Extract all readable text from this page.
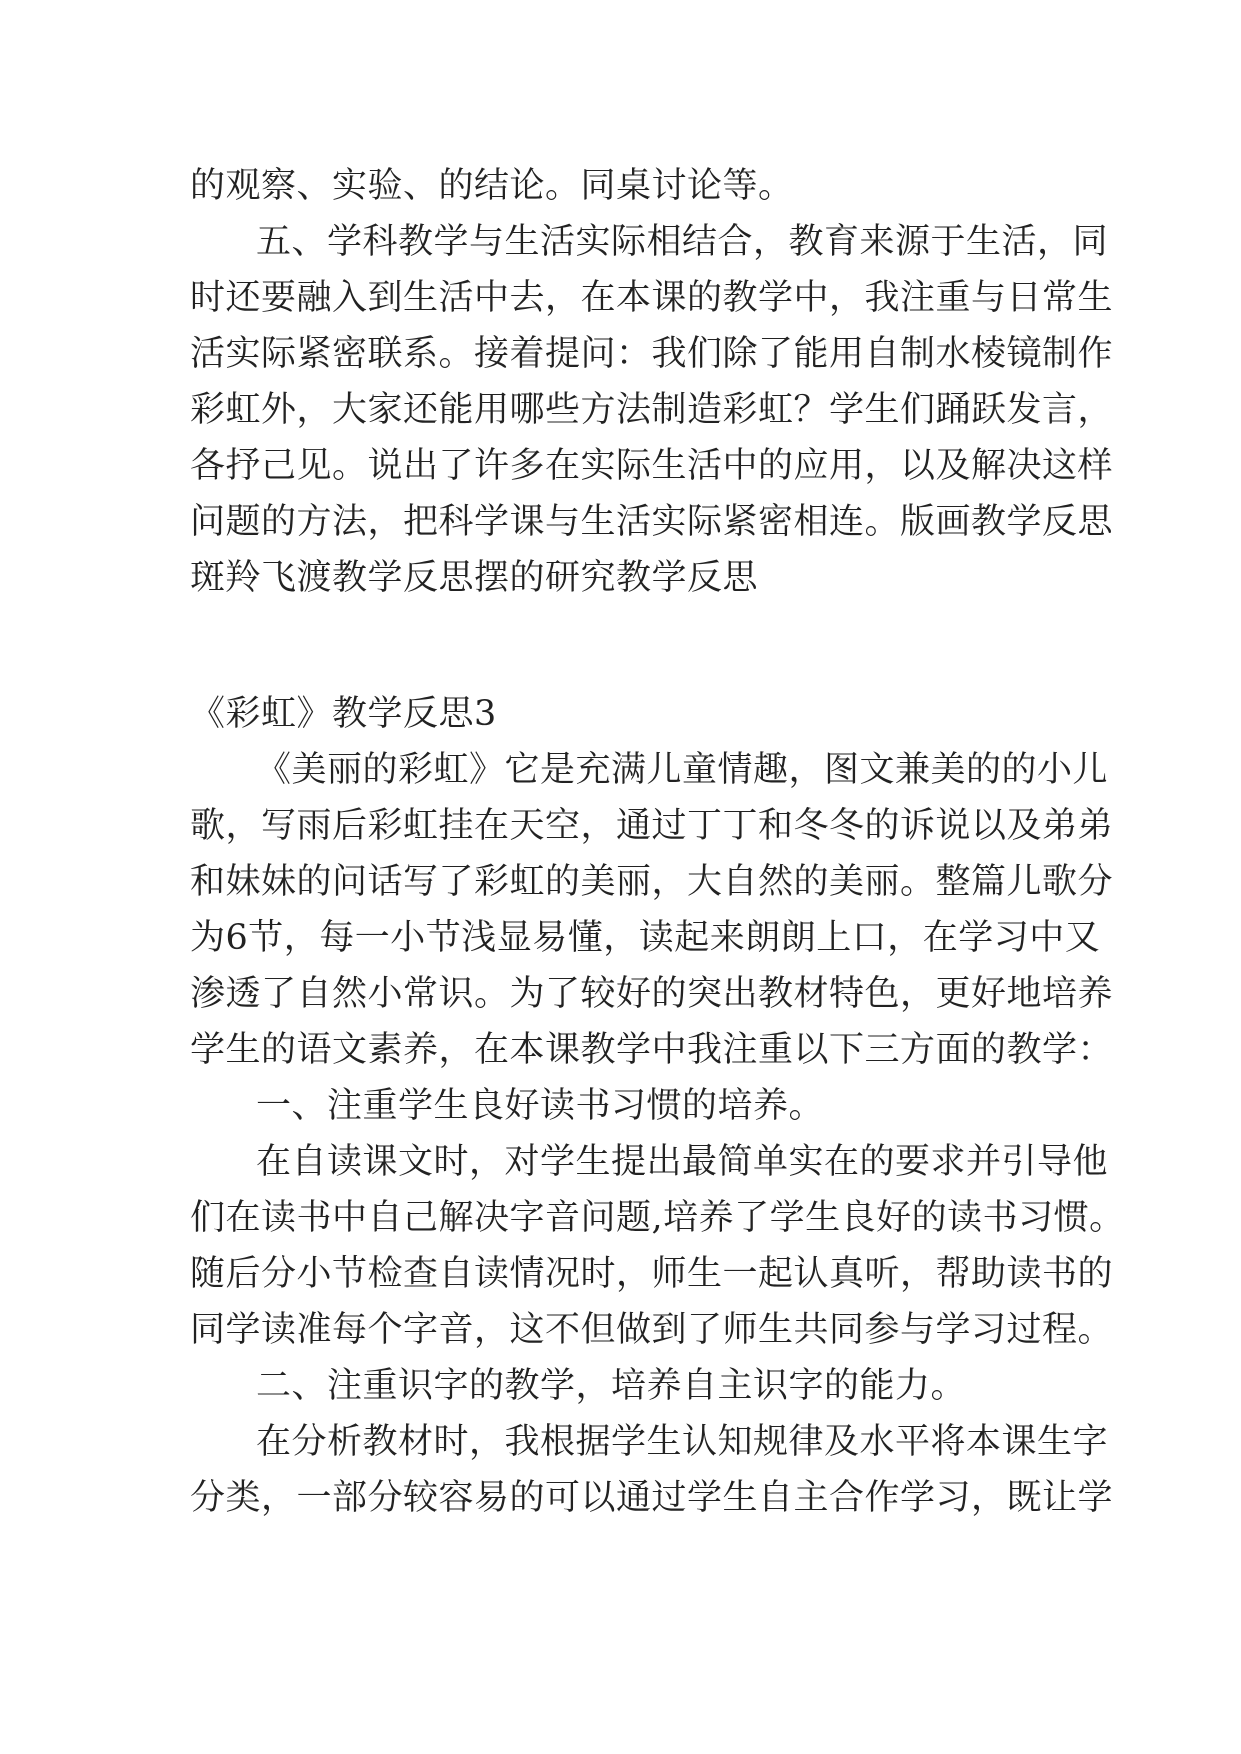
的观察、实验、的结论。同桌讨论等。
五、学科教学与生活实际相结合，教育来源于生活，同
时还要融入到生活中去，在本课的教学中，我注重与日常生
活实际紧密联系。接着提问：我们除了能用自制水棱镜制作
彩虹外，大家还能用哪些方法制造彩虹？学生们踊跃发言，
各抒己见。说出了许多在实际生活中的应用，以及解决这样
问题的方法，把科学课与生活实际紧密相连。版画教学反思
斑羚飞渡教学反思摆的研究教学反思
《彩虹》教学反思3
《美丽的彩虹》它是充满儿童情趣，图文兼美的的小儿
歌，写雨后彩虹挂在天空，通过丁丁和冬冬的诉说以及弟弟
和妹妹的问话写了彩虹的美丽，大自然的美丽。整篇儿歌分
为6节，每一小节浅显易懂，读起来朗朗上口，在学习中又
渗透了自然小常识。为了较好的突出教材特色，更好地培养
学生的语文素养，在本课教学中我注重以下三方面的教学：
一、注重学生良好读书习惯的培养。
在自读课文时，对学生提出最简单实在的要求并引导他
们在读书中自己解决字音问题,培养了学生良好的读书习惯。
随后分小节检查自读情况时，师生一起认真听，帮助读书的
同学读准每个字音，这不但做到了师生共同参与学习过程。
二、注重识字的教学，培养自主识字的能力。
在分析教材时，我根据学生认知规律及水平将本课生字
分类，一部分较容易的可以通过学生自主合作学习，既让学
